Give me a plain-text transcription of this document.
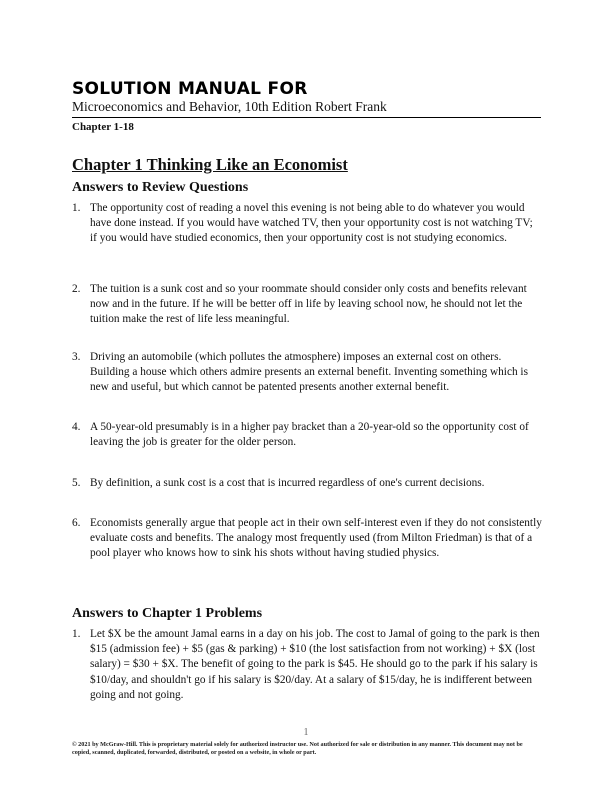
SOLUTION MANUAL FOR
Microeconomics and Behavior, 10th Edition Robert Frank
Chapter 1-18
Chapter 1 Thinking Like an Economist
Answers to Review Questions
1. The opportunity cost of reading a novel this evening is not being able to do whatever you would have done instead. If you would have watched TV, then your opportunity cost is not watching TV; if you would have studied economics, then your opportunity cost is not studying economics.
2. The tuition is a sunk cost and so your roommate should consider only costs and benefits relevant now and in the future. If he will be better off in life by leaving school now, he should not let the tuition make the rest of life less meaningful.
3. Driving an automobile (which pollutes the atmosphere) imposes an external cost on others. Building a house which others admire presents an external benefit. Inventing something which is new and useful, but which cannot be patented presents another external benefit.
4. A 50-year-old presumably is in a higher pay bracket than a 20-year-old so the opportunity cost of leaving the job is greater for the older person.
5. By definition, a sunk cost is a cost that is incurred regardless of one's current decisions.
6. Economists generally argue that people act in their own self-interest even if they do not consistently evaluate costs and benefits. The analogy most frequently used (from Milton Friedman) is that of a pool player who knows how to sink his shots without having studied physics.
Answers to Chapter 1 Problems
1. Let $X be the amount Jamal earns in a day on his job. The cost to Jamal of going to the park is then $15 (admission fee) + $5 (gas & parking) + $10 (the lost satisfaction from not working) + $X (lost salary) = $30 + $X. The benefit of going to the park is $45. He should go to the park if his salary is $10/day, and shouldn't go if his salary is $20/day. At a salary of $15/day, he is indifferent between going and not going.
1
© 2021 by McGraw-Hill. This is proprietary material solely for authorized instructor use. Not authorized for sale or distribution in any manner. This document may not be copied, scanned, duplicated, forwarded, distributed, or posted on a website, in whole or part.
